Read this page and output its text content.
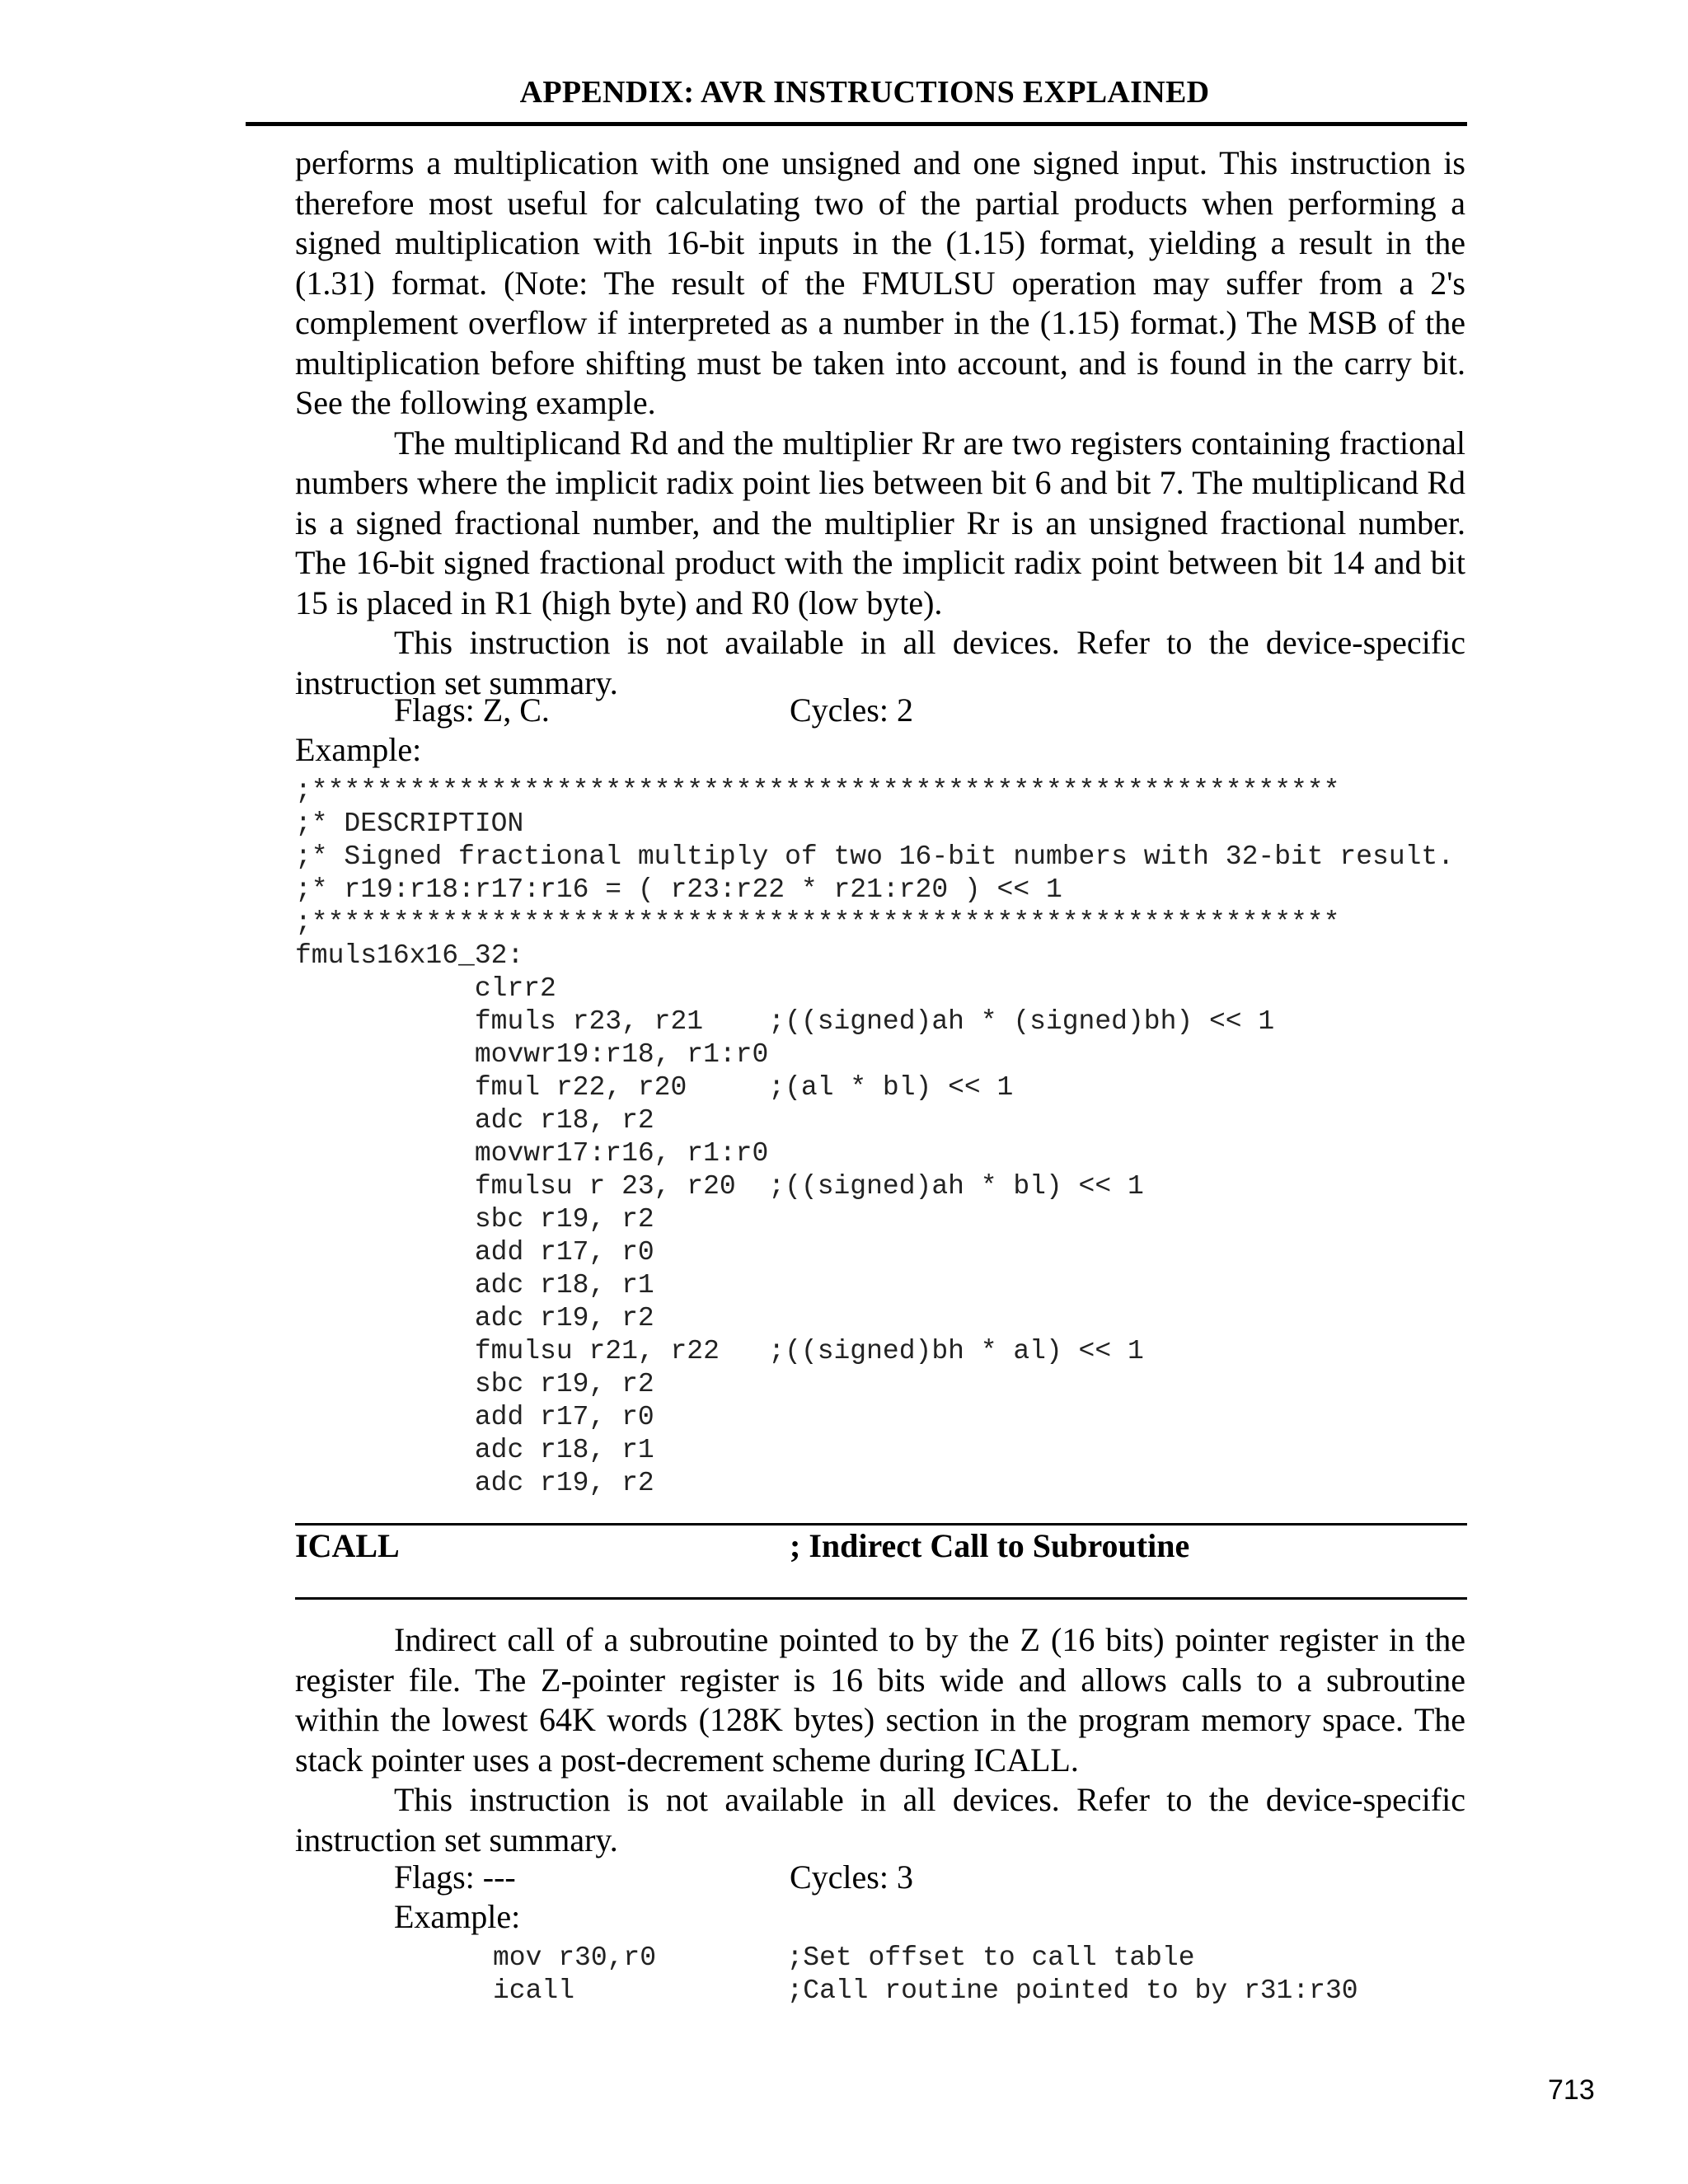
APPENDIX: AVR INSTRUCTIONS EXPLAINED

performs a multiplication with one unsigned and one signed input. This instruction is therefore most useful for calculating two of the partial products when performing a signed multiplication with 16-bit inputs in the (1.15) format, yielding a result in the (1.31) format. (Note: The result of the FMULSU operation may suffer from a 2's complement overflow if interpreted as a number in the (1.15) format.) The MSB of the multiplication before shifting must be taken into account, and is found in the carry bit. See the following example.

The multiplicand Rd and the multiplier Rr are two registers containing fractional numbers where the implicit radix point lies between bit 6 and bit 7. The multiplicand Rd is a signed fractional number, and the multiplier Rr is an unsigned fractional number. The 16-bit signed fractional product with the implicit radix point between bit 14 and bit 15 is placed in R1 (high byte) and R0 (low byte).

This instruction is not available in all devices. Refer to the device-specific instruction set summary.

Flags: Z, C.	Cycles: 2
Example:
;***************************************************************
;* DESCRIPTION
;* Signed fractional multiply of two 16-bit numbers with 32-bit result.
;* r19:r18:r17:r16 = ( r23:r22 * r21:r20 ) << 1
;***************************************************************
fmuls16x16_32:
clrr2
fmuls r23, r21    ;((signed)ah * (signed)bh) << 1
movwr19:r18, r1:r0
fmul r22, r20     ;(al * bl) << 1
adc r18, r2
movwr17:r16, r1:r0
fmulsu r 23, r20  ;((signed)ah * bl) << 1
sbc r19, r2
add r17, r0
adc r18, r1
adc r19, r2
fmulsu r21, r22   ;((signed)bh * al) << 1
sbc r19, r2
add r17, r0
adc r18, r1
adc r19, r2
ICALL	; Indirect Call to Subroutine

Indirect call of a subroutine pointed to by the Z (16 bits) pointer register in the register file. The Z-pointer register is 16 bits wide and allows calls to a subroutine within the lowest 64K words (128K bytes) section in the program memory space. The stack pointer uses a post-decrement scheme during ICALL.

This instruction is not available in all devices. Refer to the device-specific instruction set summary.

Flags: ---	Cycles: 3
Example:
mov r30,r0        ;Set offset to call table
icall             ;Call routine pointed to by r31:r30
713
